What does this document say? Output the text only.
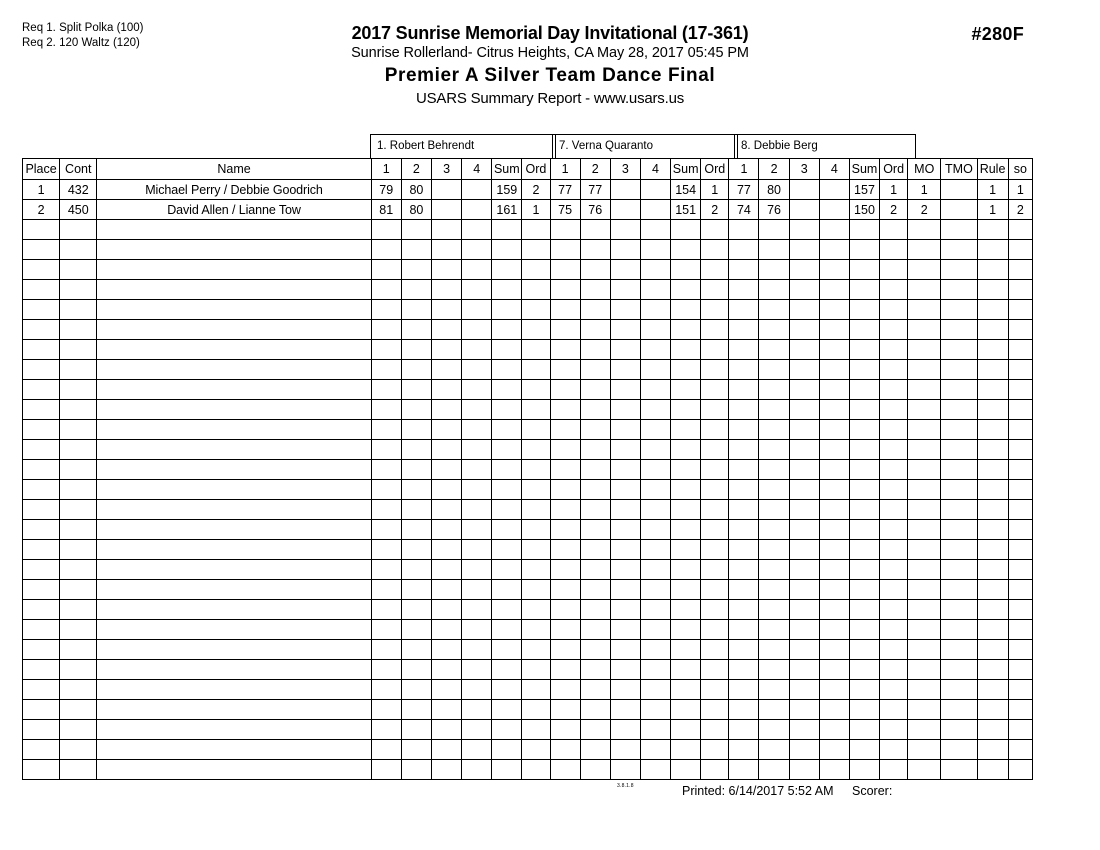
Req 1. Split Polka (100)
Req 2. 120 Waltz (120)	2017 Sunrise Memorial Day Invitational (17-361)
Sunrise Rollerland- Citrus Heights, CA May 28, 2017 05:45 PM
Premier A Silver Team Dance Final
USARS Summary Report - www.usars.us
#280F
1. Robert Behrendt	7. Verna Quaranto	8. Debbie Berg
Place	Cont	Name	1	2	3	4	Sum	Ord	1	2	3	4	Sum	Ord	1	2	3	4	Sum	Ord	MO	TMO	Rule	so
1	432	Michael Perry / Debbie Goodrich	79	80			159	2	77	77			154	1	77	80			157	1	1		1	1
2	450	David Allen / Lianne Tow	81	80			161	1	75	76			151	2	74	76			150	2	2		1	2

3.8.1.8	Printed: 6/14/2017 5:52 AM Scorer:
